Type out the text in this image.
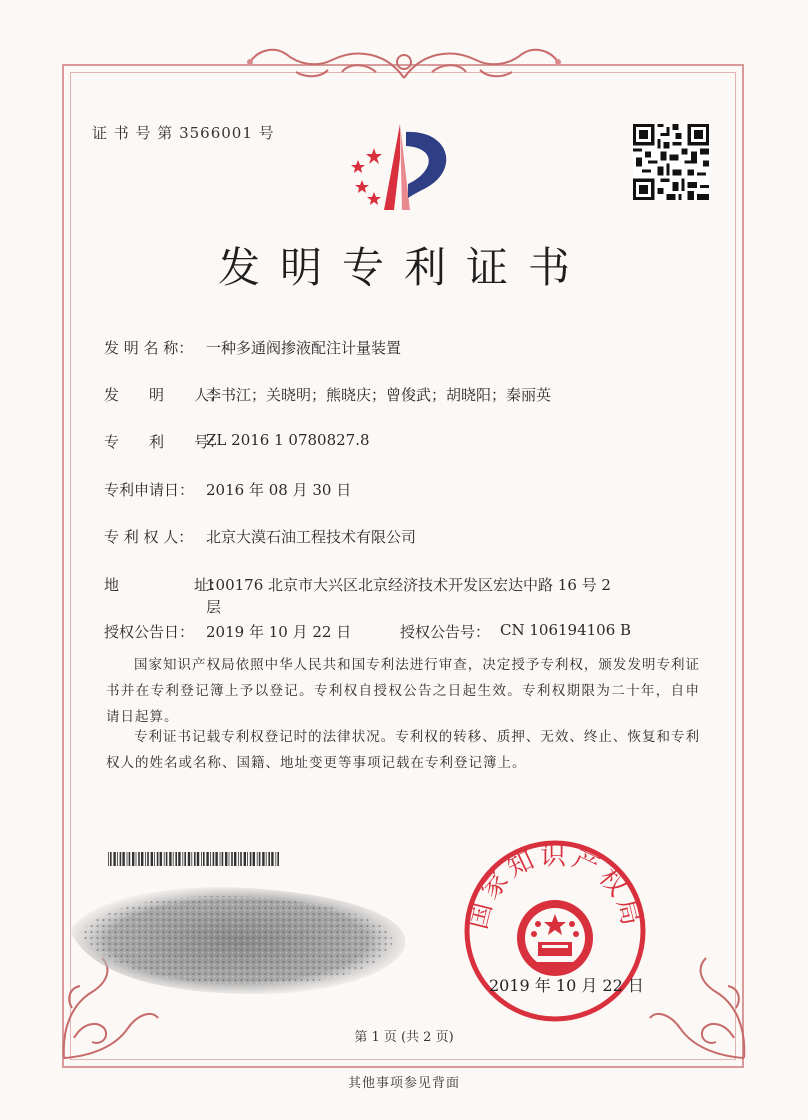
证 书 号 第 3566001 号
发明专利证书
发 明 名 称： 一种多通阀掺液配注计量装置
发　　明　　人：
李书江；关晓明；熊晓庆；曾俊武；胡晓阳；秦丽英
专　　利　　号：
ZL 2016 1 0780827.8
专利申请日： 2016 年 08 月 30 日
专 利 权 人： 北京大漠石油工程技术有限公司
地　　　　　址：
100176 北京市大兴区北京经济技术开发区宏达中路 16 号 2
层
授权公告日： 2019 年 10 月 22 日	授权公告号： CN 106194106 B
国家知识产权局依照中华人民共和国专利法进行审查，决定授予专利权，颁发发明专利证书并在专利登记簿上予以登记。专利权自授权公告之日起生效。专利权期限为二十年，自申请日起算。
专利证书记载专利权登记时的法律状况。专利权的转移、质押、无效、终止、恢复和专利权人的姓名或名称、国籍、地址变更等事项记载在专利登记簿上。
国家知识产权局
2019 年 10 月 22 日
第 1 页 (共 2 页)
其他事项参见背面
